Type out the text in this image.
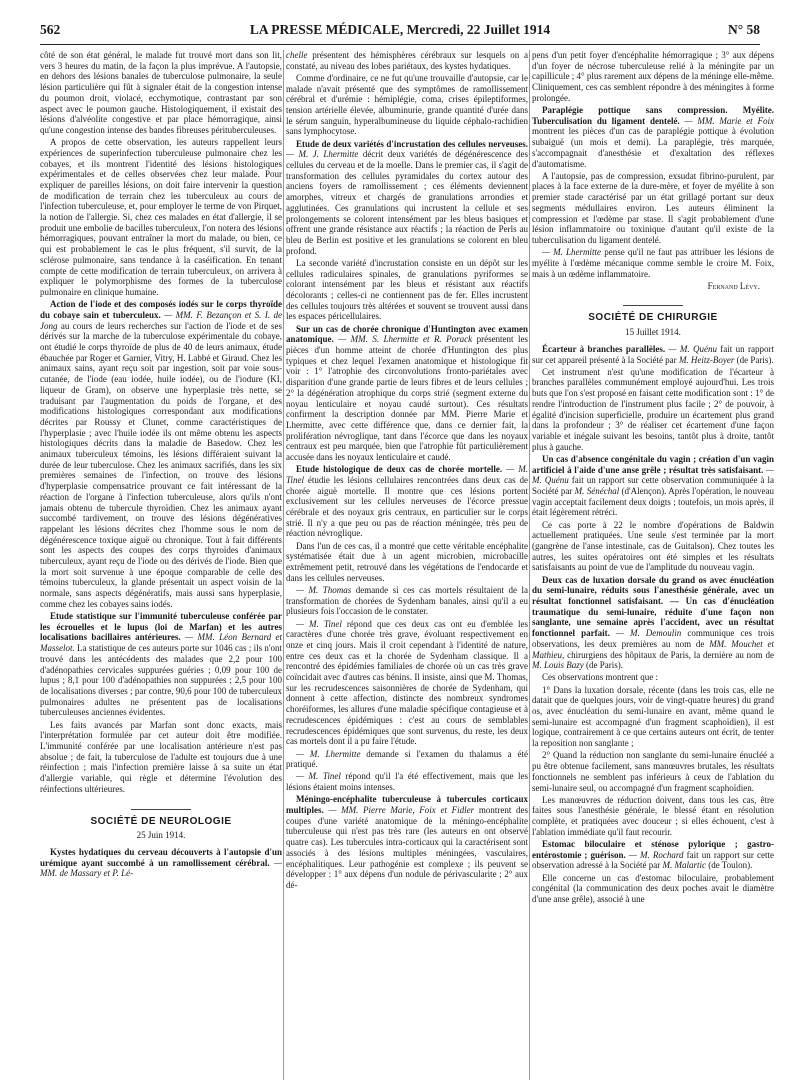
562	LA PRESSE MÉDICALE, Mercredi, 22 Juillet 1914	N° 58

côté de son état général, le malade fut trouvé mort dans son lit, vers 3 heures du matin, de la façon la plus imprévue. A l'autopsie, en dehors des lésions banales de tuberculose pulmonaire, la seule lésion particulière qui fût à signaler était de la congestion intense du poumon droit, violacé, ecchymotique, contrastant par son aspect avec le poumon gauche. Histologiquement, il existait des lésions d'alvéolite congestive et par place hémorragique, ainsi qu'une congestion intense des bandes fibreuses pérituberculeuses.

A propos de cette observation, les auteurs rappellent leurs expériences de superinfection tuberculeuse pulmonaire chez les cobayes, et ils montrent l'identité des lésions histologiques expérimentales et de celles observées chez leur malade. Pour expliquer de pareilles lésions, on doit faire intervenir la question de modification de terrain chez les tuberculeux au cours de l'infection tuberculeuse, et, pour employer le terme de von Pirquet, la notion de l'allergie. Si, chez ces malades en état d'allergie, il se produit une embolie de bacilles tuberculeux, l'on notera des lésions hémorragiques, pouvant entraîner la mort du malade, ou bien, ce qui est probablement le cas le plus fréquent, s'il survit, de la sclérose pulmonaire, sans tendance à la caséification. En tenant compte de cette modification de terrain tuberculeux, on arrivera à expliquer le polymorphisme des formes de la tuberculose pulmonaire en clinique humaine.

Action de l'iode et des composés iodés sur le corps thyroïde du cobaye sain et tuberculeux. — MM. F. Bezançon et S. I. de Jong au cours de leurs recherches sur l'action de l'iode et de ses dérivés sur la marche de la tuberculose expérimentale du cobaye, ont étudié le corps thyroïde de plus de 40 de leurs animaux, étude ébauchée par Roger et Garnier, Vitry, H. Labbé et Giraud. Chez les animaux sains, ayant reçu soit par ingestion, soit par voie sous-cutanée, de l'iode (eau iodée, huile iodée), ou de l'iodure (KI, liqueur de Gram), on observe une hyperplasie très nette, se traduisant par l'augmentation du poids de l'organe, et des modifications histologiques correspondant aux modifications décrites par Roussy et Clunet, comme caractéristiques de l'hyperplasie ; avec l'huile iodée ils ont même obtenu les aspects histologiques décrits dans la maladie de Basedow. Chez les animaux tuberculeux témoins, les lésions différaient suivant la durée de leur tuberculose. Chez les animaux sacrifiés, dans les six premières semaines de l'infection, on trouve des lésions d'hyperplasie compensatrice prouvant ce fait intéressant de la réaction de l'organe à l'infection tuberculeuse, alors qu'ils n'ont jamais obtenu de tubercule thyroïdien. Chez les animaux ayant succombé tardivement, on trouve des lésions dégénératives rappelant les lésions décrites chez l'homme sous le nom de dégénérescence toxique aiguë ou chronique. Tout à fait différents sont les aspects des coupes des corps thyroïdes d'animaux tuberculeux, ayant reçu de l'iode ou des dérivés de l'iode. Bien que la mort soit survenue à une époque comparable de celle des témoins tuberculeux, la glande présentait un aspect voisin de la normale, sans aspects dégénératifs, mais aussi sans hyperplasie, comme chez les cobayes sains iodés.

Etude statistique sur l'immunité tuberculeuse conférée par les écrouelles et le lupus (loi de Marfan) et les autres localisations bacillaires antérieures. — MM. Léon Bernard et Masselot. La statistique de ces auteurs porte sur 1046 cas ; ils n'ont trouvé dans les antécédents des malades que 2,2 pour 100 d'adénopathies cervicales suppurées guéries ; 0,09 pour 100 de lupus ; 8,1 pour 100 d'adénopathies non suppurées ; 2,5 pour 100 de localisations diverses ; par contre, 90,6 pour 100 de tuberculeux pulmonaires adultes ne présentent pas de localisations tuberculeuses anciennes évidentes.

Les faits avancés par Marfan sont donc exacts, mais l'interprétation formulée par cet auteur doit être modifiée. L'immunité conférée par une localisation antérieure n'est pas absolue ; de fait, la tuberculose de l'adulte est toujours due à une réinfection ; mais l'infection première laisse à sa suite un état d'allergie variable, qui règle et détermine l'évolution des réinfections ultérieures.

SOCIÉTÉ DE NEUROLOGIE
25 Juin 1914.

Kystes hydatiques du cerveau découverts à l'autopsie d'un urémique ayant succombé à un ramollissement cérébral. — MM. de Massary et P. Lé-

chelle présentent des hémisphères cérébraux sur lesquels on a constaté, au niveau des lobes pariétaux, des kystes hydatiques.

Comme d'ordinaire, ce ne fut qu'une trouvaille d'autopsie, car le malade n'avait présenté que des symptômes de ramollissement cérébral et d'urémie : hémiplégie, coma, crises épileptiformes, tension artérielle élevée, albuminurie, grande quantité d'urée dans le sérum sanguin, hyperalbumineuse du liquide céphalo-rachidien sans lymphocytose.

Etude de deux variétés d'incrustation des cellules nerveuses. — M. J. Lhermitte décrit deux variétés de dégénérescence des cellules du cerveau et de la moelle. Dans le premier cas, il s'agit de transformation des cellules pyramidales du cortex autour des anciens foyers de ramollissement ; ces éléments deviennent amorphes, vitreux et chargés de granulations arrondies et agglutinées. Ces granulations qui incrustent la cellule et ses prolongements se colorent intensément par les bleus basiques et offrent une grande résistance aux réactifs ; la réaction de Perls au bleu de Berlin est positive et les granulations se colorent en bleu profond.

La seconde variété d'incrustation consiste en un dépôt sur les cellules radiculaires spinales, de granulations pyriformes se colorant intensément par les bleus et résistant aux réactifs décolorants ; celles-ci ne contiennent pas de fer. Elles incrustent des cellules toujours très altérées et souvent se trouvent aussi dans les espaces péricellulaires.

Sur un cas de chorée chronique d'Huntington avec examen anatomique. — MM. S. Lhermitte et R. Porack présentent les pièces d'un homme atteint de chorée d'Huntington des plus typiques et chez lequel l'examen anatomique et histologique fit voir : 1° l'atrophie des circonvolutions fronto-pariétales avec disparition d'une grande partie de leurs fibres et de leurs cellules ; 2° la dégénération atrophique du corps strié (segment externe du noyau lenticulaire et noyau caudé surtout). Ces résultats confirment la description donnée par MM. Pierre Marie et Lhermitte, avec cette différence que, dans ce dernier fait, la prolifération névroglique, tant dans l'écorce que dans les noyaux centraux est peu marquée, bien que l'atrophie fût particulièrement accusée dans les noyaux lenticulaire et caudé.

Etude histologique de deux cas de chorée mortelle. — M. Tinel étudie les lésions cellulaires rencontrées dans deux cas de chorée aiguë mortelle. Il montre que ces lésions portent exclusivement sur les cellules nerveuses de l'écorce pressue cérébrale et des noyaux gris centraux, en particulier sur le corps strié. Il n'y a que peu ou pas de réaction méningée, très peu de réaction névroglique.

Dans l'un de ces cas, il a montré que cette véritable encéphalite systématisée était due à un agent microbien, microbacille extrêmement petit, retrouvé dans les végétations de l'endocarde et dans les cellules nerveuses.

— M. Thomas demande si ces cas mortels résultaient de la transformation de chorées de Sydenham banales, ainsi qu'il a eu plusieurs fois l'occasion de le constater.

— M. Tinel répond que ces deux cas ont eu d'emblée les caractères d'une chorée très grave, évoluant respectivement en onze et cinq jours. Mais il croit cependant à l'identité de nature, entre ces deux cas et la chorée de Sydenham classique. Il a rencontré des épidémies familiales de chorée où un cas très grave coïncidait avec d'autres cas bénins. Il insiste, ainsi que M. Thomas, sur les recrudescences saisonnières de chorée de Sydenham, qui donnent à cette affection, distincte des nombreux syndromes choréiformes, les allures d'une maladie spécifique contagieuse et à recrudescences épidémiques : c'est au cours de semblables recrudescences épidémiques que sont survenus, du reste, les deux cas mortels dont il a pu faire l'étude.

— M. Lhermitte demande si l'examen du thalamus a été pratiqué.

— M. Tinel répond qu'il l'a été effectivement, mais que les lésions étaient moins intenses.

Méningo-encéphalite tuberculeuse à tubercules corticaux multiples. — MM. Pierre Marie, Foix et Fidler montrent des coupes d'une variété anatomique de la méningo-encéphalite tuberculeuse qui n'est pas très rare (les auteurs en ont observé quatre cas). Les tubercules intra-corticaux qui la caractérisent sont associés à des lésions multiples méningées, vasculaires, encéphalitiques. Leur pathogénie est complexe ; ils peuvent se développer : 1° aux dépens d'un nodule de périvascularite ; 2° aux dé-

pens d'un petit foyer d'encéphalite hémorragique ; 3° aux dépens d'un foyer de nécrose tuberculeuse relié à la méningite par un capillicule ; 4° plus rarement aux dépens de la méninge elle-même. Cliniquement, ces cas semblent répondre à des méningites à forme prolongée.

Paraplégie pottique sans compression. Myélite. Tuberculisation du ligament dentelé. — MM. Marie et Foix montrent les pièces d'un cas de paraplégie pottique à évolution subaiguë (un mois et demi). La paraplégie, très marquée, s'accompagnait d'anesthésie et d'exaltation des réflexes d'automatisme.

A l'autopsie, pas de compression, exsudat fibrino-purulent, par places à la face externe de la dure-mère, et foyer de myélite à son premier stade caractérisé par un état grillagé portant sur deux segments médullaires environ. Les auteurs éliminent la compression et l'œdème par stase. Il s'agit probablement d'une lésion inflammatoire ou toxinique d'autant qu'il existe de la tuberculisation du ligament dentelé.

— M. Lhermitte pense qu'il ne faut pas attribuer les lésions de myélite à l'œdème mécanique comme semble le croire M. Foix, mais à un œdème inflammatoire.

Fernand Lévy.
SOCIÉTÉ DE CHIRURGIE
15 Juillet 1914.

Écarteur à branches parallèles. — M. Quénu fait un rapport sur cet appareil présenté à la Société par M. Heitz-Boyer (de Paris).

Cet instrument n'est qu'une modification de l'écarteur à branches parallèles communément employé aujourd'hui. Les trois buts que l'on s'est proposé en faisant cette modification sont : 1° de rendre l'introduction de l'instrument plus facile ; 2° de pouvoir, à égalité d'incision superficielle, produire un écartement plus grand dans la profondeur ; 3° de réaliser cet écartement d'une façon variable et inégale suivant les besoins, tantôt plus à droite, tantôt plus à gauche.

Un cas d'absence congénitale du vagin ; création d'un vagin artificiel à l'aide d'une anse grêle ; résultat très satisfaisant. — M. Quénu fait un rapport sur cette observation communiquée à la Société par M. Sénéchal (d'Alençon). Après l'opération, le nouveau vagin acceptait facilement deux doigts ; toutefois, un mois après, il était légèrement rétréci.

Ce cas porte à 22 le nombre d'opérations de Baldwin actuellement pratiquées. Une seule s'est terminée par la mort (gangrène de l'anse intestinale, cas de Guitalson). Chez toutes les autres, les suites opératoires ont été simples et les résultats satisfaisants au point de vue de l'amplitude du nouveau vagin.

Deux cas de luxation dorsale du grand os avec énucléation du semi-lunaire, réduits sous l'anesthésie générale, avec un résultat fonctionnel satisfaisant. — Un cas d'énucléation traumatique du semi-lunaire, réduite d'une façon non sanglante, une semaine après l'accident, avec un résultat fonctionnel parfait. — M. Demoulin communique ces trois observations, les deux premières au nom de MM. Mouchet et Mathieu, chirurgiens des hôpitaux de Paris, la dernière au nom de M. Louis Bazy (de Paris).

Ces observations montrent que :

1° Dans la luxation dorsale, récente (dans les trois cas, elle ne datait que de quelques jours, voir de vingt-quatre heures) du grand os, avec énucléation du semi-lunaire en avant, même quand le semi-lunaire est accompagné d'un fragment scaphoïdien), il est logique, contrairement à ce que certains auteurs ont écrit, de tenter la reposition non sanglante ;

2° Quand la réduction non sanglante du semi-lunaire énucléé a pu être obtenue facilement, sans manœuvres brutales, les résultats fonctionnels ne semblent pas inférieurs à ceux de l'ablation du semi-lunaire seul, ou accompagné d'un fragment scaphoïdien.

Les manœuvres de réduction doivent, dans tous les cas, être faites sous l'anesthésie générale, le blessé étant en résolution complète, et pratiquées avec douceur ; si elles échouent, c'est à l'ablation immédiate qu'il faut recourir.

Estomac biloculaire et sténose pylorique ; gastro-entérostomie ; guérison. — M. Rochard fait un rapport sur cette observation adressé à la Société par M. Malartic (de Toulon).

Elle concerne un cas d'estomac biloculaire, probablement congénital (la communication des deux poches avait le diamètre d'une anse grêle), associé à une
